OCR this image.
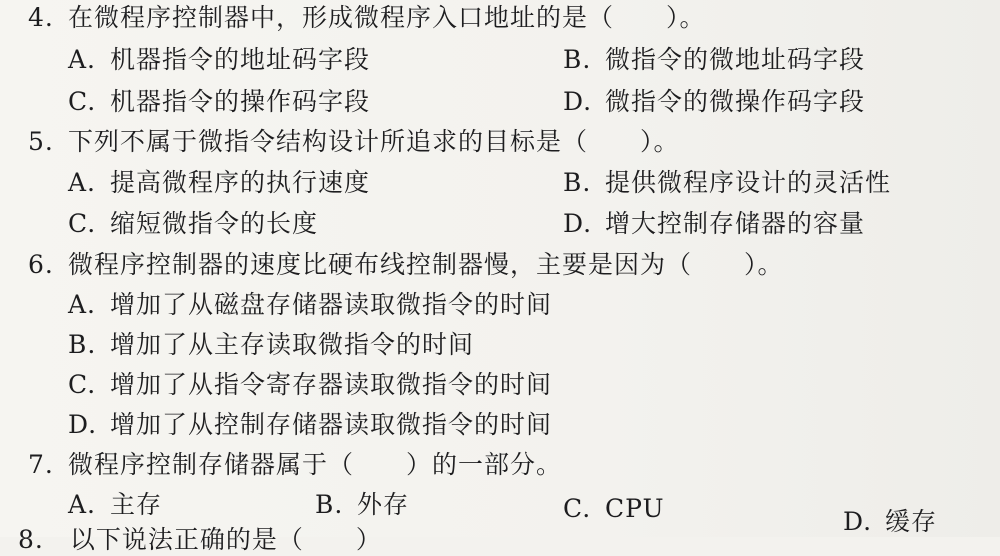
4. 在微程序控制器中，形成微程序入口地址的是（　　）。
A. 机器指令的地址码字段	B. 微指令的微地址码字段
C. 机器指令的操作码字段	D. 微指令的微操作码字段
5. 下列不属于微指令结构设计所追求的目标是（　　）。
A. 提高微程序的执行速度	B. 提供微程序设计的灵活性
C. 缩短微指令的长度	D. 增大控制存储器的容量
6. 微程序控制器的速度比硬布线控制器慢，主要是因为（　　）。
A. 增加了从磁盘存储器读取微指令的时间
B. 增加了从主存读取微指令的时间
C. 增加了从指令寄存器读取微指令的时间
D. 增加了从控制存储器读取微指令的时间
7. 微程序控制存储器属于（　　）的一部分。
A. 主存	B. 外存	C. CPU	D. 缓存
8.　以下说法正确的是（　　）
